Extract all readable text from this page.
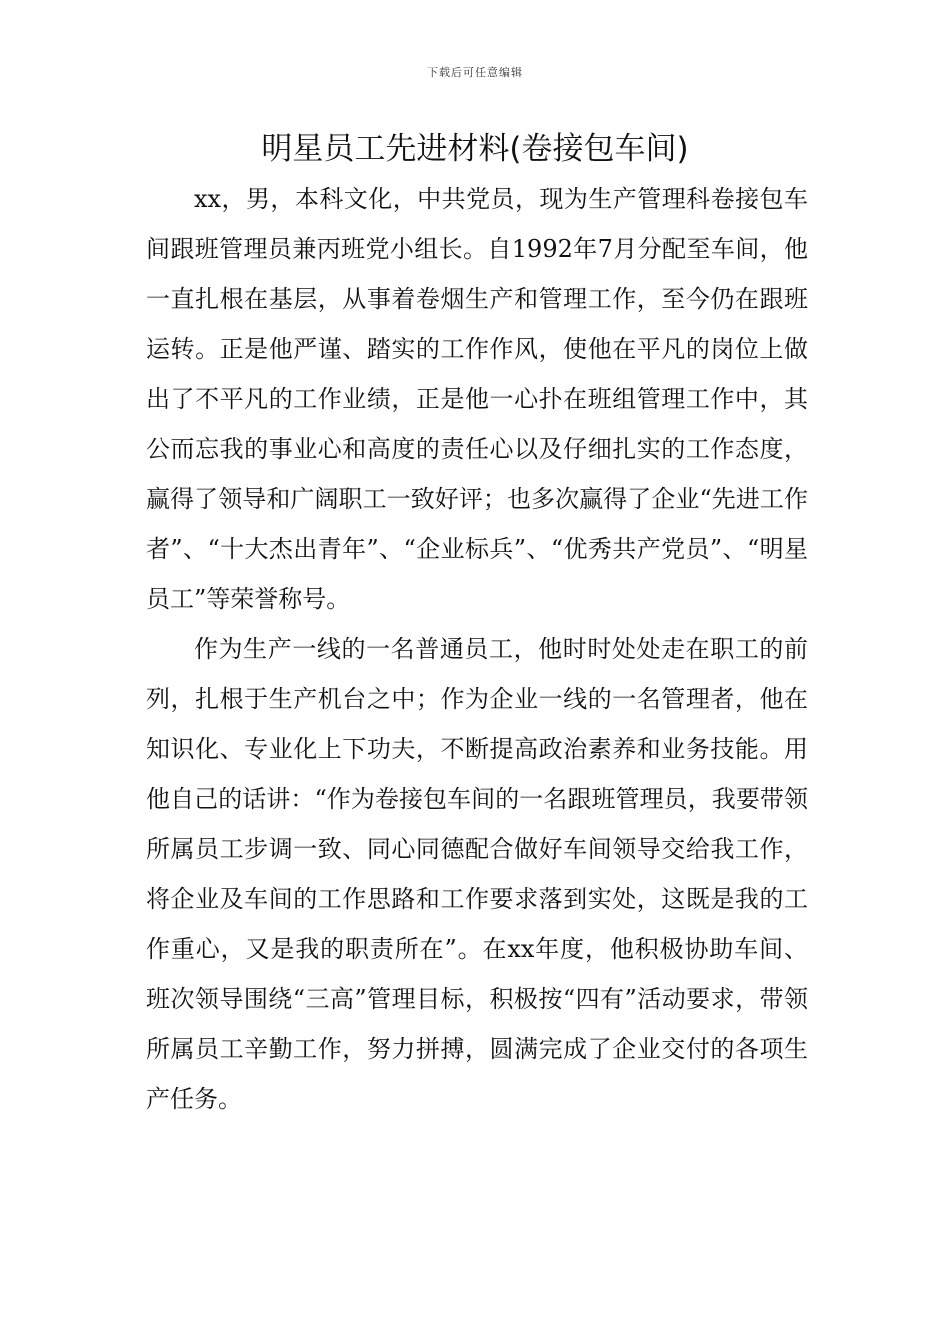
下载后可任意编辑
明星员工先进材料(卷接包车间)

xx，男，本科文化，中共党员，现为生产管理科卷接包车间跟班管理员兼丙班党小组长。自1992年7月分配至车间，他一直扎根在基层，从事着卷烟生产和管理工作，至今仍在跟班运转。正是他严谨、踏实的工作作风，使他在平凡的岗位上做出了不平凡的工作业绩，正是他一心扑在班组管理工作中，其公而忘我的事业心和高度的责任心以及仔细扎实的工作态度，赢得了领导和广阔职工一致好评；也多次赢得了企业“先进工作者”、“十大杰出青年”、“企业标兵”、“优秀共产党员”、“明星员工”等荣誉称号。

作为生产一线的一名普通员工，他时时处处走在职工的前列，扎根于生产机台之中；作为企业一线的一名管理者，他在知识化、专业化上下功夫，不断提高政治素养和业务技能。用他自己的话讲：“作为卷接包车间的一名跟班管理员，我要带领所属员工步调一致、同心同德配合做好车间领导交给我工作，将企业及车间的工作思路和工作要求落到实处，这既是我的工作重心，又是我的职责所在”。在xx年度，他积极协助车间、班次领导围绕“三高”管理目标，积极按“四有”活动要求，带领所属员工辛勤工作，努力拼搏，圆满完成了企业交付的各项生产任务。
